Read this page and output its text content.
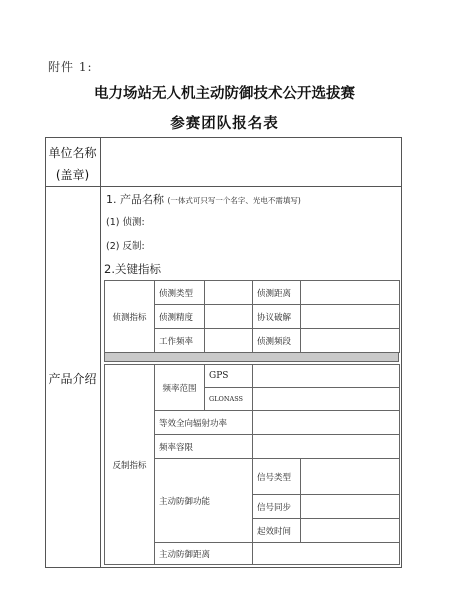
附件 1:
电力场站无人机主动防御技术公开选拔赛
参赛团队报名表
单位名称
(盖章)
产品介绍
1. 产品名称 (一体式可只写一个名字、光电不需填写)
(1) 侦测:
(2) 反制:
2.关键指标
侦测指标	侦测类型		侦测距离	
	侦测精度		协议破解	
	工作频率		侦测频段	
反制指标	频率范围	GPS		
		GLONASS		
	等效全向辐射功率			
	频率容限			
	主动防御功能		信号类型	
			信号同步	
			起效时间	
	主动防御距离			
